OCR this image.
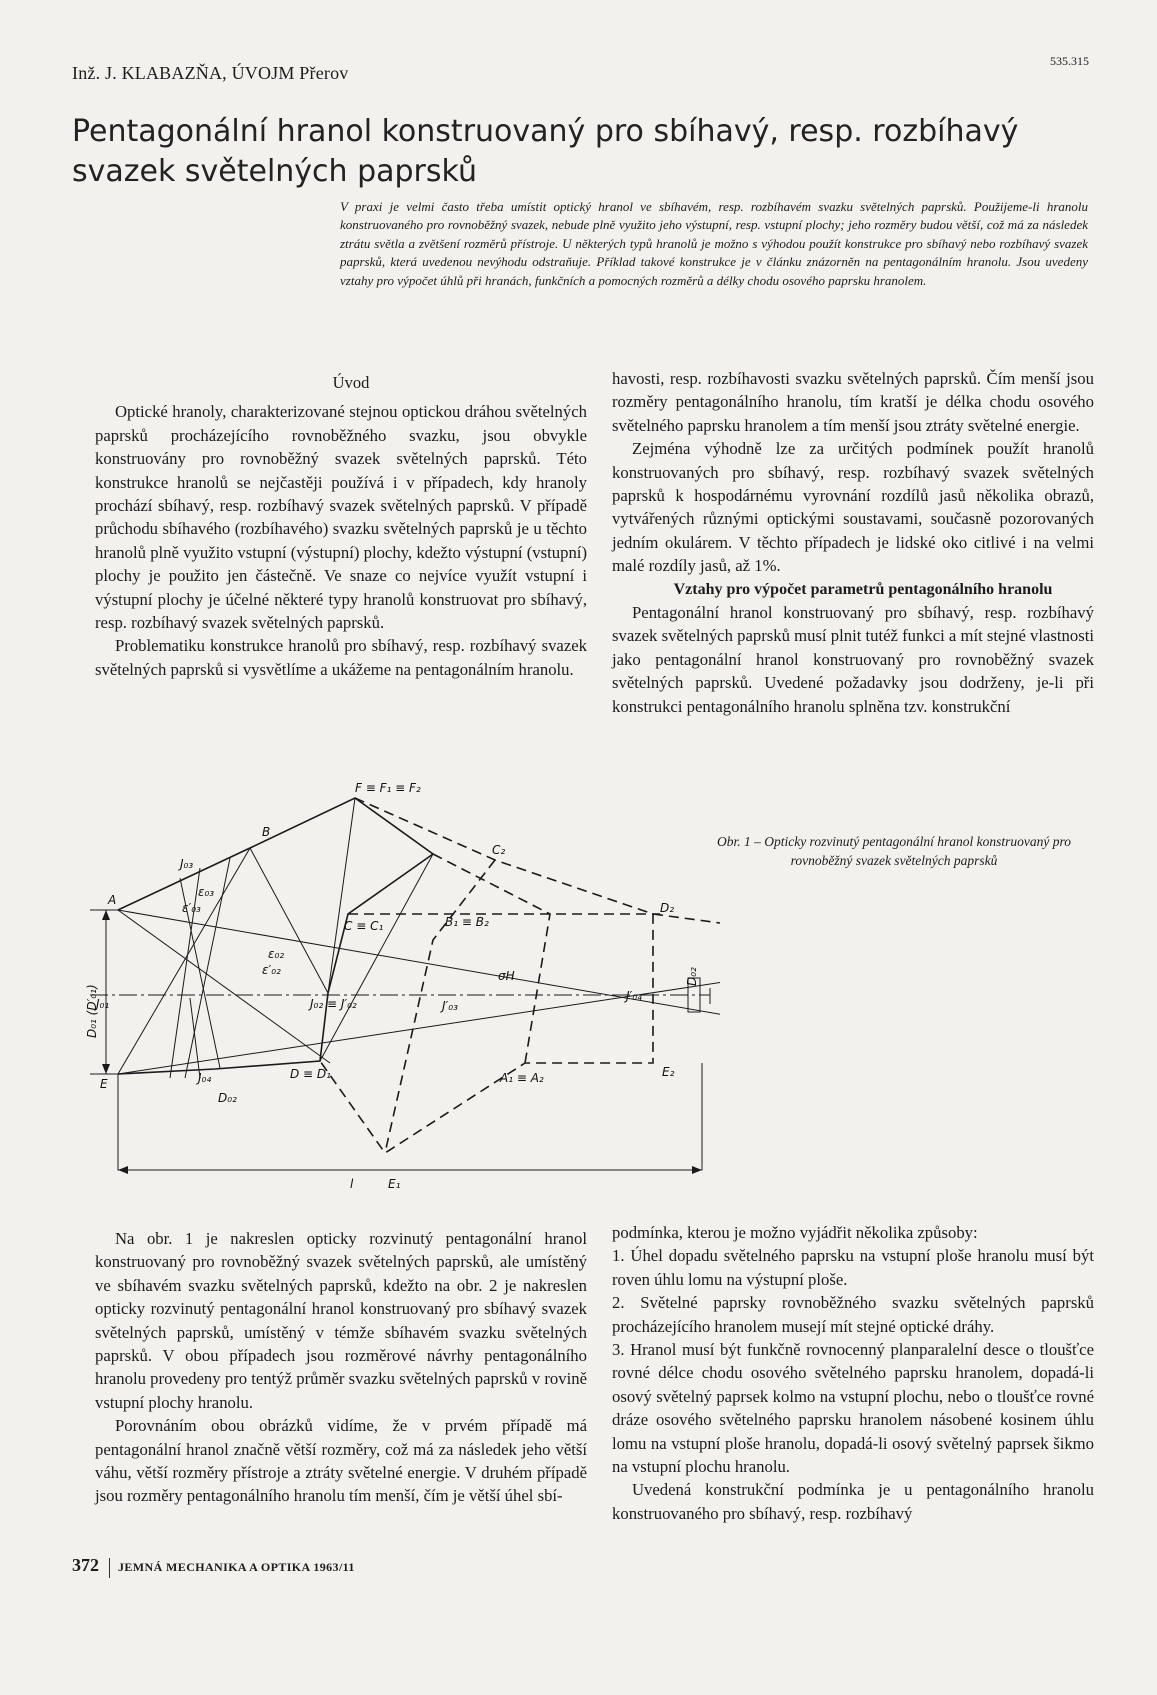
Inž. J. KLABAZŇA, ÚVOJM Přerov
535.315
Pentagonální hranol konstruovaný pro sbíhavý, resp. rozbíhavý
svazek světelných paprsků
V praxi je velmi často třeba umístit optický hranol ve sbíhavém, resp. rozbíhavém svazku světelných paprsků. Použijeme-li hranolu konstruovaného pro rovnoběžný svazek, nebude plně využito jeho výstupní, resp. vstupní plochy; jeho rozměry budou větší, což má za následek ztrátu světla a zvětšení rozměrů přístroje. U některých typů hranolů je možno s výhodou použít konstrukce pro sbíhavý nebo rozbíhavý svazek paprsků, která uvedenou nevýhodu odstraňuje. Příklad takové konstrukce je v článku znázorněn na pentagonálním hranolu. Jsou uvedeny vztahy pro výpočet úhlů při hranách, funkčních a pomocných rozměrů a délky chodu osového paprsku hranolem.

Úvod

Optické hranoly, charakterizované stejnou optickou dráhou světelných paprsků procházejícího rovnoběžného svazku, jsou obvykle konstruovány pro rovnoběžný svazek světelných paprsků. Této konstrukce hranolů se nejčastěji používá i v případech, kdy hranoly prochází sbíhavý, resp. rozbíhavý svazek světelných paprsků. V případě průchodu sbíhavého (rozbíhavého) svazku světelných paprsků je u těchto hranolů plně využito vstupní (výstupní) plochy, kdežto výstupní (vstupní) plochy je použito jen částečně. Ve snaze co nejvíce využít vstupní i výstupní plochy je účelné některé typy hranolů konstruovat pro sbíhavý, resp. rozbíhavý svazek světelných paprsků.

Problematiku konstrukce hranolů pro sbíhavý, resp. rozbíhavý svazek světelných paprsků si vysvětlíme a ukážeme na pentagonálním hranolu.

F ≡ F₁ ≡ F₂
B
C₂
A
J₀₃
ε₀₃
ε′₀₃
C ≡ C₁	B₁ ≡ B₂
D₂
ε₀₂
ε′₀₂	σH	D₀₂
D₀₁ (D′₀₁)
J₀₁	J₀₂ ≡ J′₀₂	J′₀₃
J′₀₄
E	J₀₄	D ≡ D₁	A₁ ≡ A₂	E₂
D₀₂
l	E₁

Na obr. 1 je nakreslen opticky rozvinutý pentagonální hranol konstruovaný pro rovnoběžný svazek světelných paprsků, ale umístěný ve sbíhavém svazku světelných paprsků, kdežto na obr. 2 je nakreslen opticky rozvinutý pentagonální hranol konstruovaný pro sbíhavý svazek světelných paprsků, umístěný v témže sbíhavém svazku světelných paprsků. V obou případech jsou rozměrové návrhy pentagonálního hranolu provedeny pro tentýž průměr svazku světelných paprsků v rovině vstupní plochy hranolu.

Porovnáním obou obrázků vidíme, že v prvém případě má pentagonální hranol značně větší rozměry, což má za následek jeho větší váhu, větší rozměry přístroje a ztráty světelné energie. V druhém případě jsou rozměry pentagonálního hranolu tím menší, čím je větší úhel sbí-

havosti, resp. rozbíhavosti svazku světelných paprsků. Čím menší jsou rozměry pentagonálního hranolu, tím kratší je délka chodu osového světelného paprsku hranolem a tím menší jsou ztráty světelné energie.

Zejména výhodně lze za určitých podmínek použít hranolů konstruovaných pro sbíhavý, resp. rozbíhavý svazek světelných paprsků k hospodárnému vyrovnání rozdílů jasů několika obrazů, vytvářených různými optickými soustavami, současně pozorovaných jedním okulárem. V těchto případech je lidské oko citlivé i na velmi malé rozdíly jasů, až 1%.

Vztahy pro výpočet parametrů pentagonálního hranolu

Pentagonální hranol konstruovaný pro sbíhavý, resp. rozbíhavý svazek světelných paprsků musí plnit tutéž funkci a mít stejné vlastnosti jako pentagonální hranol konstruovaný pro rovnoběžný svazek světelných paprsků. Uvedené požadavky jsou dodrženy, je-li při konstrukci pentagonálního hranolu splněna tzv. konstrukční

Obr. 1 – Opticky rozvinutý pentagonální hranol konstruovaný pro rovnoběžný svazek světelných paprsků

podmínka, kterou je možno vyjádřit několika způsoby:

1. Úhel dopadu světelného paprsku na vstupní ploše hranolu musí být roven úhlu lomu na výstupní ploše.

2. Světelné paprsky rovnoběžného svazku světelných paprsků procházejícího hranolem musejí mít stejné optické dráhy.

3. Hranol musí být funkčně rovnocenný planparalelní desce o tloušťce rovné délce chodu osového světelného paprsku hranolem, dopadá-li osový světelný paprsek kolmo na vstupní plochu, nebo o tloušťce rovné dráze osového světelného paprsku hranolem násobené kosinem úhlu lomu na vstupní ploše hranolu, dopadá-li osový světelný paprsek šikmo na vstupní plochu hranolu.

Uvedená konstrukční podmínka je u pentagonálního hranolu konstruovaného pro sbíhavý, resp. rozbíhavý

372 JEMNÁ MECHANIKA A OPTIKA 1963/11
